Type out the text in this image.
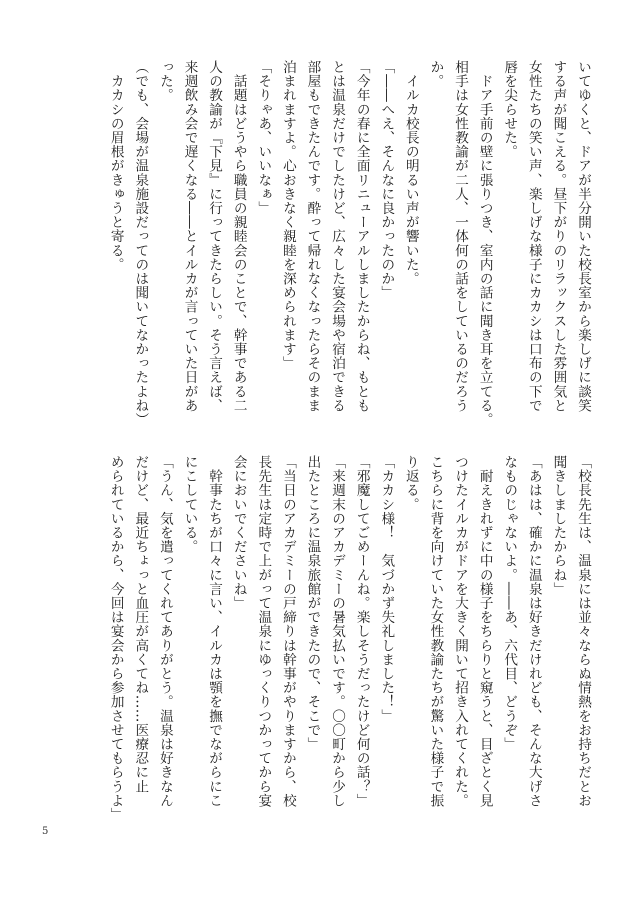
いてゆくと、ドアが半分開いた校長室から楽しげに談笑
する声が聞こえる。昼下がりのリラックスした雰囲気と
女性たちの笑い声、楽しげな様子にカカシは口布の下で
唇を尖らせた。
　ドア手前の壁に張りつき、室内の話に聞き耳を立てる。
相手は女性教諭が二人、一体何の話をしているのだろう
か。
　イルカ校長の明るい声が響いた。
「――へえ、そんなに良かったのか」
「今年の春に全面リニューアルしましたからね、もとも
とは温泉だけでしたけど、広々した宴会場や宿泊できる
部屋もできたんです。酔って帰れなくなったらそのまま
泊まれますよ。心おきなく親睦を深められます」
「そりゃあ、いいなぁ」
　話題はどうやら職員の親睦会のことで、幹事である二
人の教諭が『下見』に行ってきたらしい。そう言えば、
来週飲み会で遅くなる――とイルカが言っていた日があ
った。
（でも、会場が温泉施設だってのは聞いてなかったよね）
　カカシの眉根がきゅうと寄る。
「校長先生は、温泉には並々ならぬ情熱をお持ちだとお
聞きしましたからね」
「あはは、確かに温泉は好きだけれども、そんな大げさ
なものじゃないよ。――あ、六代目、どうぞ」
　耐えきれずに中の様子をちらりと窺うと、目ざとく見
つけたイルカがドアを大きく開いて招き入れてくれた。
こちらに背を向けていた女性教諭たちが驚いた様子で振
り返る。
「カカシ様！　気づかず失礼しました！」
「邪魔してごめーんね。楽しそうだったけど何の話？」
「来週末のアカデミーの暑気払いです。〇〇町から少し
出たところに温泉旅館ができたので、そこで」
「当日のアカデミーの戸締りは幹事がやりますから、校
長先生は定時で上がって温泉にゆっくりつかってから宴
会においでくださいね」
　幹事たちが口々に言い、イルカは顎を撫でながらにこ
にこしている。
「うん、気を遣ってくれてありがとう。温泉は好きなん
だけど、最近ちょっと血圧が高くてね……医療忍に止
められているから、今回は宴会から参加させてもらうよ」
5
